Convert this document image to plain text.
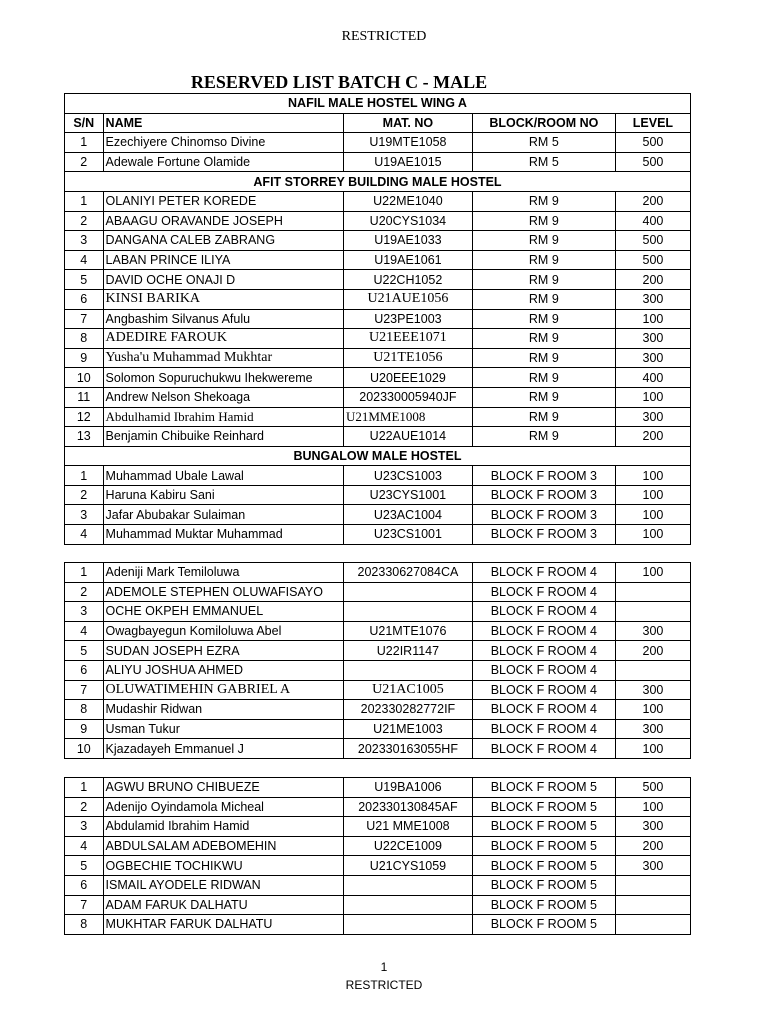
RESTRICTED
RESERVED LIST BATCH C - MALE
NAFIL MALE HOSTEL WING A				
S/N	NAME	MAT. NO	BLOCK/ROOM NO	LEVEL
1	Ezechiyere Chinomso Divine	U19MTE1058	RM 5	500
2	Adewale Fortune Olamide	U19AE1015	RM 5	500
AFIT STORREY BUILDING MALE HOSTEL				
1	OLANIYI PETER KOREDE	U22ME1040	RM 9	200
2	ABAAGU ORAVANDE JOSEPH	U20CYS1034	RM 9	400
3	DANGANA CALEB ZABRANG	U19AE1033	RM 9	500
4	LABAN PRINCE ILIYA	U19AE1061	RM 9	500
5	DAVID OCHE ONAJI D	U22CH1052	RM 9	200
6	KINSI BARIKA	U21AUE1056	RM 9	300
7	Angbashim Silvanus Afulu	U23PE1003	RM 9	100
8	ADEDIRE FAROUK	U21EEE1071	RM 9	300
9	Yusha'u Muhammad Mukhtar	U21TE1056	RM 9	300
10	Solomon Sopuruchukwu Ihekwereme	U20EEE1029	RM 9	400
11	Andrew Nelson Shekoaga	202330005940JF	RM 9	100
12	Abdulhamid Ibrahim Hamid	U21MME1008	RM 9	300
13	Benjamin Chibuike Reinhard	U22AUE1014	RM 9	200
BUNGALOW MALE HOSTEL				
1	Muhammad Ubale Lawal	U23CS1003	BLOCK F ROOM 3	100
2	Haruna Kabiru Sani	U23CYS1001	BLOCK F ROOM 3	100
3	Jafar Abubakar Sulaiman	U23AC1004	BLOCK F ROOM 3	100
4	Muhammad Muktar Muhammad	U23CS1001	BLOCK F ROOM 3	100
1	Adeniji Mark Temiloluwa	202330627084CA	BLOCK F ROOM 4	100
2	ADEMOLE STEPHEN OLUWAFISAYO		BLOCK F ROOM 4	
3	OCHE OKPEH EMMANUEL		BLOCK F ROOM 4	
4	Owagbayegun Komiloluwa Abel	U21MTE1076	BLOCK F ROOM 4	300
5	SUDAN JOSEPH EZRA	U22IR1147	BLOCK F ROOM 4	200
6	ALIYU JOSHUA AHMED		BLOCK F ROOM 4	
7	OLUWATIMEHIN GABRIEL A	U21AC1005	BLOCK F ROOM 4	300
8	Mudashir Ridwan	202330282772IF	BLOCK F ROOM 4	100
9	Usman Tukur	U21ME1003	BLOCK F ROOM 4	300
10	Kjazadayeh Emmanuel J	202330163055HF	BLOCK F ROOM 4	100
1	AGWU BRUNO CHIBUEZE	U19BA1006	BLOCK F ROOM 5	500
2	Adenijo Oyindamola Micheal	202330130845AF	BLOCK F ROOM 5	100
3	Abdulamid Ibrahim Hamid	U21 MME1008	BLOCK F ROOM 5	300
4	ABDULSALAM ADEBOMEHIN	U22CE1009	BLOCK F ROOM 5	200
5	OGBECHIE TOCHIKWU	U21CYS1059	BLOCK F ROOM 5	300
6	ISMAIL AYODELE RIDWAN		BLOCK F ROOM 5	
7	ADAM FARUK DALHATU		BLOCK F ROOM 5	
8	MUKHTAR FARUK DALHATU		BLOCK F ROOM 5	
1
RESTRICTED
